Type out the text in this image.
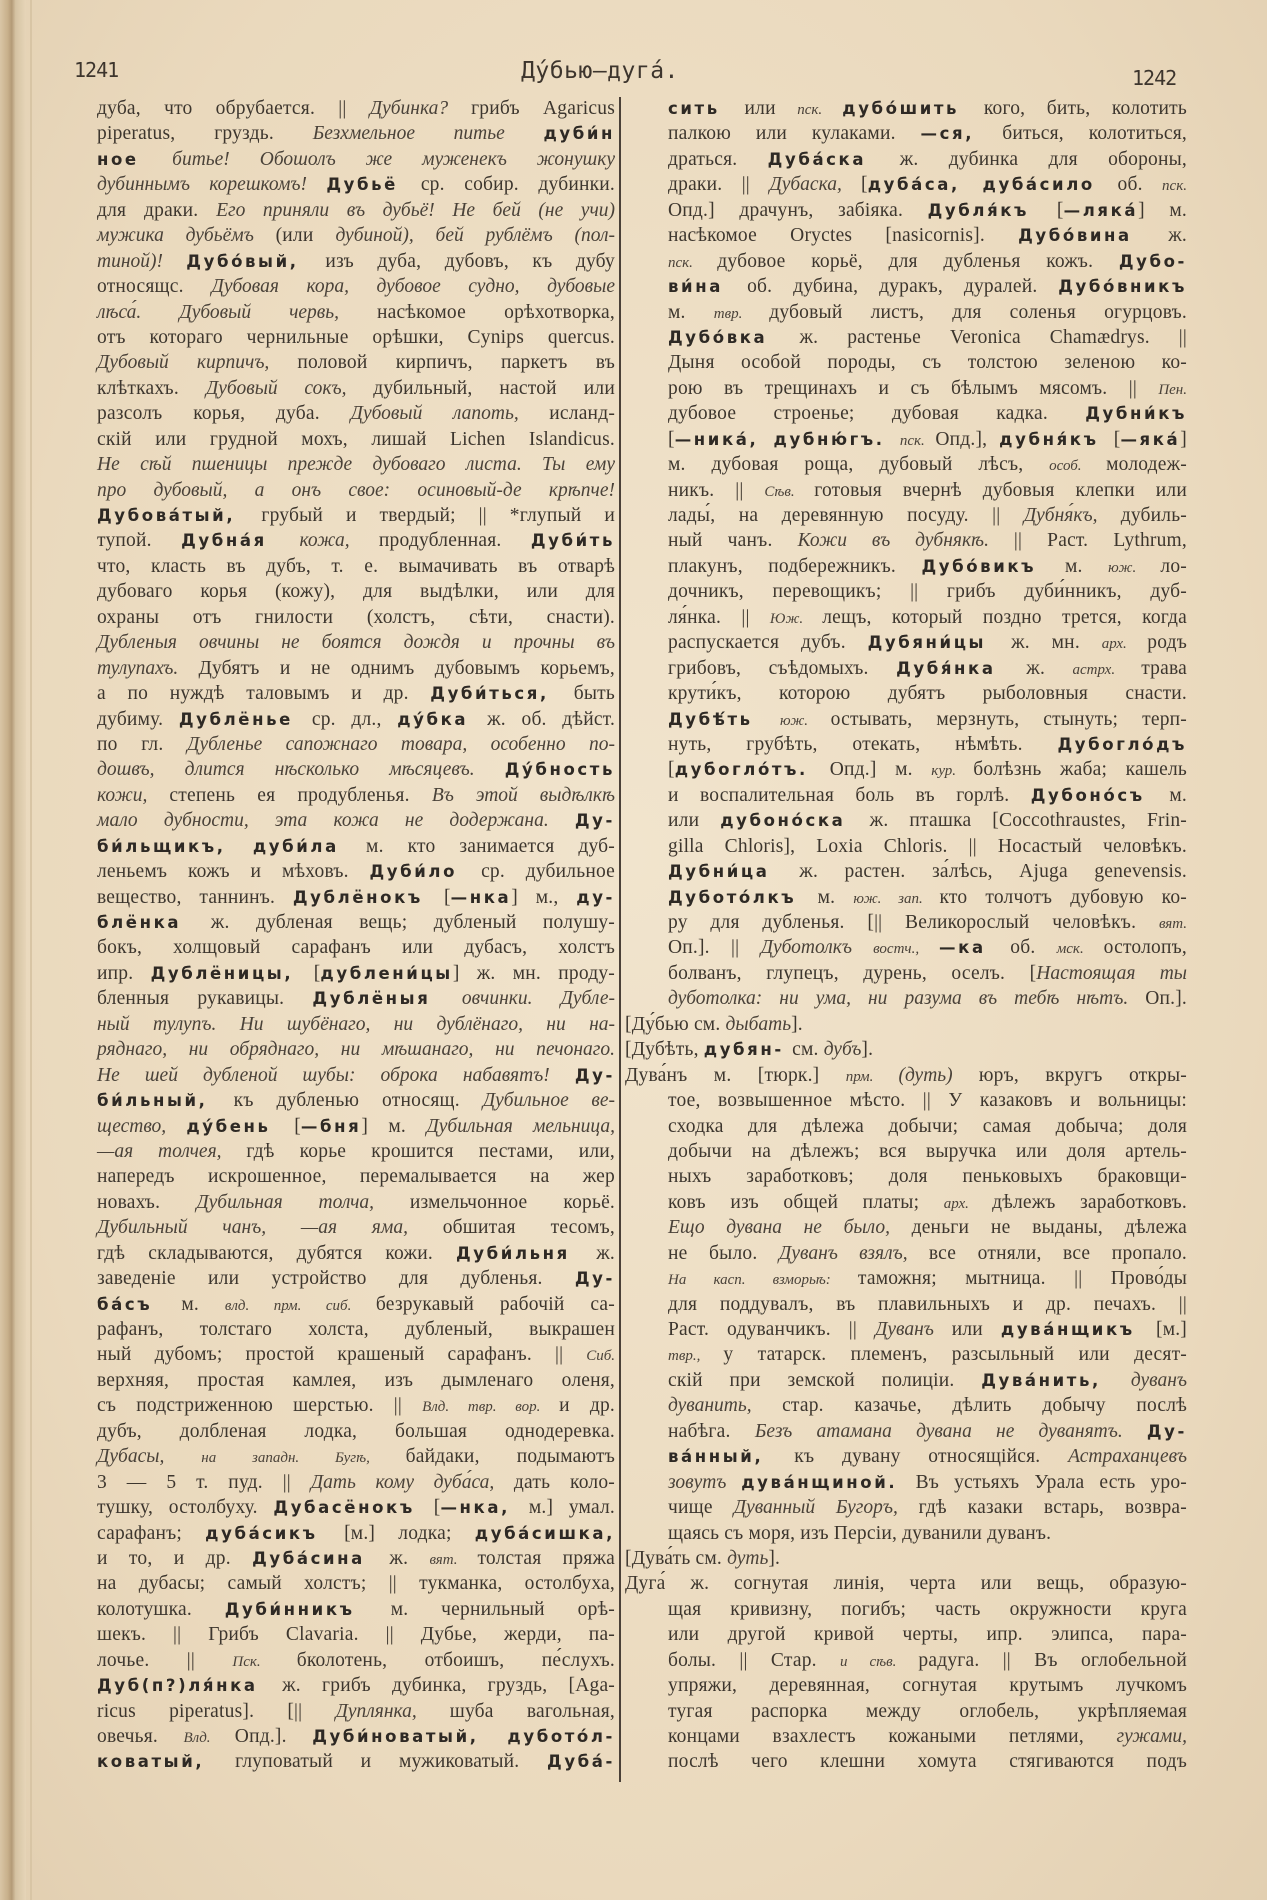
1241	Ду́бью—дуга́.	1242
дуба, что обрубается. || Дубинка? грибъ Agaricus
piperatus, груздь. Безхмельное питье дуби́н
ное битье! Обошолъ же муженекъ жонушку
дубиннымъ корешкомъ! Дубьё ср. собир. дубинки.
для драки. Его приняли въ дубьё! Не бей (не учи)
мужика дубьёмъ (или дубиной), бей рублёмъ (пол-
тиной)! Дубо́вый, изъ дуба, дубовъ, къ дубу
относящс. Дубовая кора, дубовое судно, дубовые
лѣса́. Дубовый червь, насѣкомое орѣхотворка,
отъ котораго чернильные орѣшки, Cynips quercus.
Дубовый кирпичъ, половой кирпичъ, паркетъ въ
клѣткахъ. Дубовый сокъ, дубильный, настой или
разсолъ корья, дуба. Дубовый лапоть, исланд-
скій или грудной мохъ, лишай Lichen Islandicus.
Не сѣй пшеницы прежде дубоваго листа. Ты ему
про дубовый, а онъ свое: осиновый-де крѣпче!
Дубова́тый, грубый и твердый; || *глупый и
тупой. Дубна́я кожа, продубленная. Дуби́ть
что, класть въ дубъ, т. е. вымачивать въ отварѣ
дубоваго корья (кожу), для выдѣлки, или для
охраны отъ гнилости (холстъ, сѣти, снасти).
Дубленыя овчины не боятся дождя и прочны въ
тулупахъ. Дубятъ и не однимъ дубовымъ корьемъ,
а по нуждѣ таловымъ и др. Дуби́ться, быть
дубиму. Дублёнье ср. дл., ду́бка ж. об. дѣйст.
по гл. Дубленье сапожнаго товара, особенно по-
дошвъ, длится нѣсколько мѣсяцевъ. Ду́бность
кожи, степень ея продубленья. Въ этой выдѣлкѣ
мало дубности, эта кожа не додержана. Ду-
би́льщикъ, дуби́ла м. кто занимается дуб-
леньемъ кожъ и мѣховъ. Дуби́ло ср. дубильное
вещество, таннинъ. Дублёнокъ [—нка] м., ду-
блёнка ж. дубленая вещь; дубленый полушу-
бокъ, холщовый сарафанъ или дубасъ, холстъ
ипр. Дублёницы, [дублени́цы] ж. мн. проду-
бленныя рукавицы. Дублёныя овчинки. Дубле-
ный тулупъ. Ни шубёнаго, ни дублёнаго, ни на-
ряднаго, ни обряднаго, ни мѣшанаго, ни печонаго.
Не шей дубленой шубы: оброка набавятъ! Ду-
би́льный, къ дубленью относящ. Дубильное ве-
щество, ду́бень [—бня] м. Дубильная мельница,
—ая толчея, гдѣ корье крошится пестами, или,
напередъ искрошенное, перемалывается на жер
новахъ. Дубильная толча, измельчонное корьё.
Дубильный чанъ, —ая яма, обшитая тесомъ,
гдѣ складываются, дубятся кожи. Дуби́льня ж.
заведеніе или устройство для дубленья. Ду-
ба́съ м. влд. прм. сиб. безрукавый рабочій са-
рафанъ, толстаго холста, дубленый, выкрашен
ный дубомъ; простой крашеный сарафанъ. || Сиб.
верхняя, простая камлея, изъ дымленаго оленя,
съ подстриженною шерстью. || Влд. твр. вор. и др.
дубъ, долбленая лодка, большая однодеревка.
Дубасы, на западн. Бугѣ, байдаки, подымаютъ
3 — 5 т. пуд. || Дать кому дуба́са, дать коло-
тушку, остолбуху. Дубасёнокъ [—нка, м.] умал.
сарафанъ; дуба́сикъ [м.] лодка; дуба́сишка,
и то, и др. Дуба́сина ж. вят. толстая пряжа
на дубасы; самый холстъ; || тукманка, остолбуха,
колотушка. Дуби́нникъ м. чернильный орѣ-
шекъ. || Грибъ Clavaria. || Дубье, жерди, па-
лочье. || Пск. бколотень, отбоишъ, пе́слухъ.
Дуб(п?)ля́нка ж. грибъ дубинка, груздь, [Aga-
ricus piperatus]. [|| Дуплянка, шуба вагольная,
овечья. Влд. Опд.]. Дуби́новатый, дубото́л-
коватый, глуповатый и мужиковатый. Дуба́-
сить или пск. дубо́шить кого, бить, колотить
палкою или кулаками. —ся, биться, колотиться,
драться. Дуба́ска ж. дубинка для обороны,
драки. || Дубаска, [дуба́са, дуба́сило об. пск.
Опд.] драчунъ, забіяка. Дубля́къ [—ляка́] м.
насѣкомое Oryctes [nasicornis]. Дубо́вина ж.
пск. дубовое корьё, для дубленья кожъ. Дубо-
ви́на об. дубина, дуракъ, дуралей. Дубо́вникъ
м. твр. дубовый листъ, для соленья огурцовъ.
Дубо́вка ж. растенье Veronica Chamædrys. ||
Дыня особой породы, съ толстою зеленою ко-
рою въ трещинахъ и съ бѣлымъ мясомъ. || Пен.
дубовое строенье; дубовая кадка. Дубни́къ
[—ника́, дубню́гъ. пск. Опд.], дубня́къ [—яка́]
м. дубовая роща, дубовый лѣсъ, особ. молодеж-
никъ. || Сѣв. готовыя вчернѣ дубовыя клепки или
лады́, на деревянную посуду. || Дубня́къ, дубиль-
ный чанъ. Кожи въ дубнякѣ. || Раст. Lythrum,
плакунъ, подбережникъ. Дубо́викъ м. юж. ло-
дочникъ, перевощикъ; || грибъ дуби́нникъ, дуб-
ля́нка. || Юж. лещъ, который поздно трется, когда
распускается дубъ. Дубяни́цы ж. мн. арх. родъ
грибовъ, съѣдомыхъ. Дубя́нка ж. астрх. трава
крути́къ, которою дубятъ рыболовныя снасти.
Дубѣ́ть юж. остывать, мерзнуть, стынуть; терп-
нуть, грубѣть, отекать, нѣмѣть. Дубогло́дъ
[дубогло́тъ. Опд.] м. кур. болѣзнь жаба; кашель
и воспалительная боль въ горлѣ. Дубоно́съ м.
или дубоно́ска ж. пташка [Coccothraustes, Frin-
gilla Chloris], Loxia Chloris. || Носастый человѣкъ.
Дубни́ца ж. растен. за́лѣсь, Ajuga genevensis.
Дубото́лкъ м. юж. зап. кто толчотъ дубовую ко-
ру для дубленья. [|| Великорослый человѣкъ. вят.
Оп.]. || Дуботолкъ востч., —ка об. мск. остолопъ,
болванъ, глупецъ, дурень, оселъ. [Настоящая ты
дуботолка: ни ума, ни разума въ тебѣ нѣтъ. Оп.].
[Ду́бью см. дыбать].
[Дубѣть, дубян- см. дубъ].
Дува́нъ м. [тюрк.] прм. (дуть) юръ, вкругъ откры-
тое, возвышенное мѣсто. || У казаковъ и вольницы:
сходка для дѣлежа добычи; самая добыча; доля
добычи на дѣлежъ; вся выручка или доля артель-
ныхъ заработковъ; доля пеньковыхъ браковщи-
ковъ изъ общей платы; арх. дѣлежъ заработковъ.
Ещо дувана не было, деньги не выданы, дѣлежа
не было. Дуванъ взялъ, все отняли, все пропало.
На касп. взморьѣ: таможня; мытница. || Прово́ды
для поддувалъ, въ плавильныхъ и др. печахъ. ||
Раст. одуванчикъ. || Дуванъ или дува́нщикъ [м.]
твр., у татарск. племенъ, разсыльный или десят-
скій при земской полиціи. Дува́нить, дуванъ
дуванить, стар. казачье, дѣлить добычу послѣ
набѣга. Безъ атамана дувана не дуванятъ. Ду-
ва́нный, къ дувану относящійся. Астраханцевъ
зовутъ дува́нщиной. Въ устьяхъ Урала есть уро-
чище Дуванный Бугоръ, гдѣ казаки встарь, возвра-
щаясь съ моря, изъ Персіи, дуванили дуванъ.
[Дува́ть см. дуть].
Дуга́ ж. согнутая линія, черта или вещь, образую-
щая кривизну, погибъ; часть окружности круга
или другой кривой черты, ипр. элипса, пара-
болы. || Стар. и сѣв. радуга. || Въ оглобельной
упряжи, деревянная, согнутая крутымъ лучкомъ
тугая распорка между оглобель, укрѣпляемая
концами взахлестъ кожаными петлями, гужами,
послѣ чего клешни хомута стягиваются подъ
